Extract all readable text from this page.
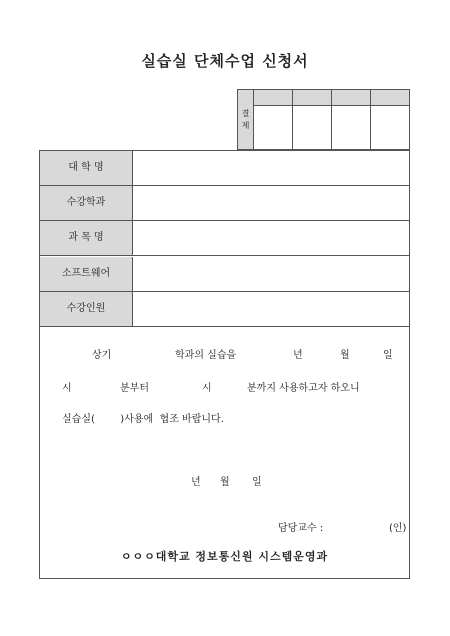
실습실 단체수업 신청서
결
제				

대 학 명
수강학과
과 목 명
소프트웨어
수강인원
상기	학과의 실습을	년	월	일
시	분부터	시	분까지 사용하고자 하오니
실습실(        )사용에  협조 바랍니다.
년 월 일
담당교수 :	(인)
ㅇㅇㅇ대학교 정보통신원 시스템운영과
